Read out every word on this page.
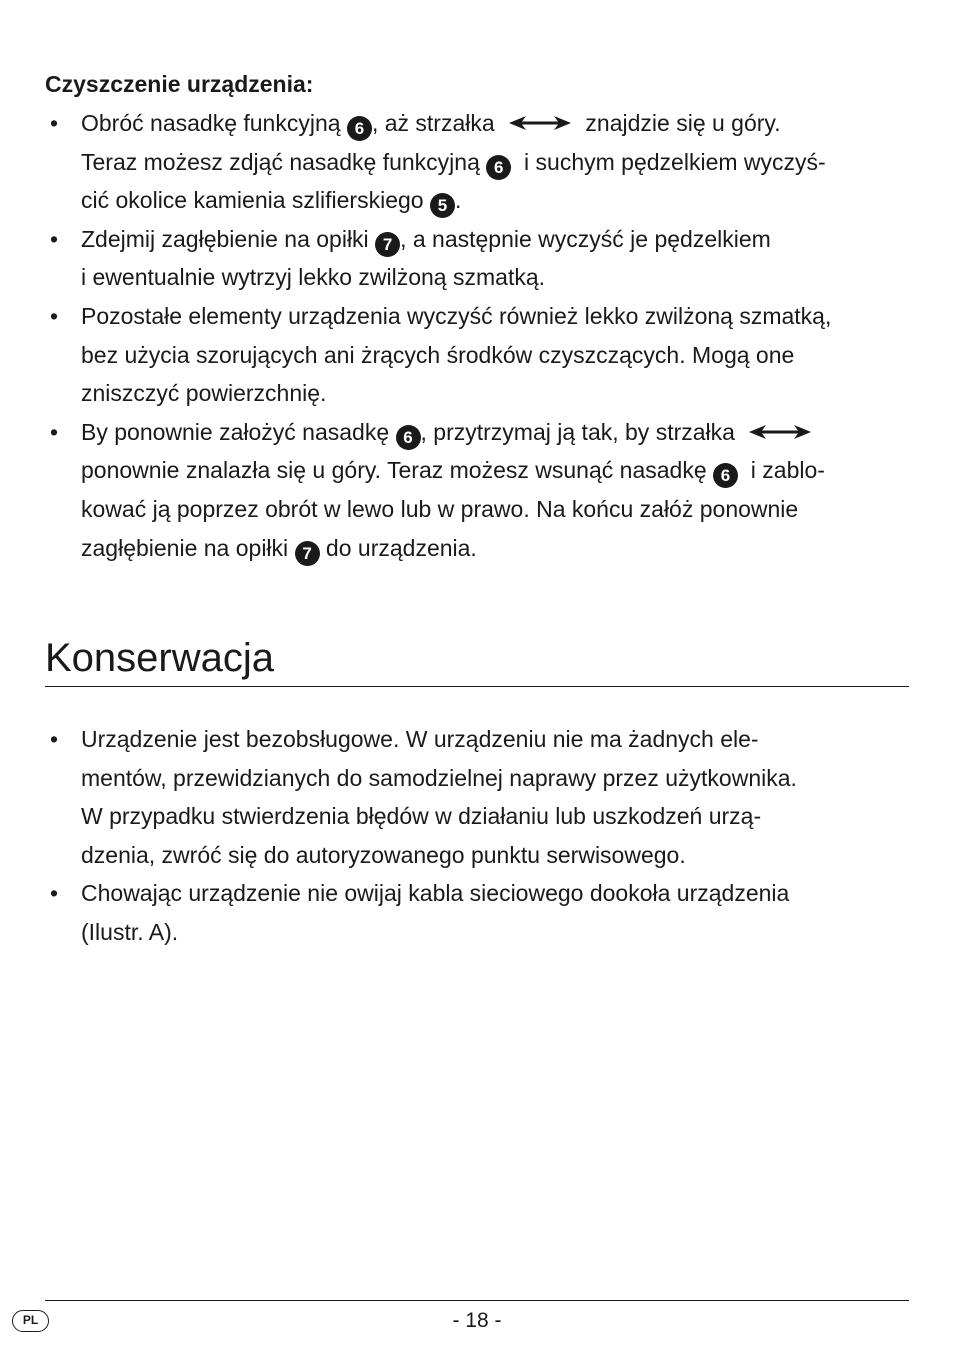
Czyszczenie urządzenia:
• Obróć nasadkę funkcyjną 6 , aż strzałka	znajdzie się u góry.
Teraz możesz zdjąć nasadkę funkcyjną 6  i suchym pędzelkiem wyczyś-
cić okolice kamienia szlifierskiego 5 .
• Zdejmij zagłębienie na opiłki 7 , a następnie wyczyść je pędzelkiem
i ewentualnie wytrzyj lekko zwilżoną szmatką.
• Pozostałe elementy urządzenia wyczyść również lekko zwilżoną szmatką,
bez użycia szorujących ani żrących środków czyszczących. Mogą one
zniszczyć powierzchnię.
• By ponownie założyć nasadkę 6 , przytrzymaj ją tak, by strzałka
ponownie znalazła się u góry. Teraz możesz wsunąć nasadkę 6  i zablo-
kować ją poprzez obrót w lewo lub w prawo. Na końcu załóż ponownie
zagłębienie na opiłki 7 do urządzenia.
Konserwacja
• Urządzenie jest bezobsługowe. W urządzeniu nie ma żadnych ele-
mentów, przewidzianych do samodzielnej naprawy przez użytkownika.
W przypadku stwierdzenia błędów w działaniu lub uszkodzeń urzą-
dzenia, zwróć się do autoryzowanego punktu serwisowego.
• Chowając urządzenie nie owijaj kabla sieciowego dookoła urządzenia
(Ilustr. A).
PL	- 18 -
